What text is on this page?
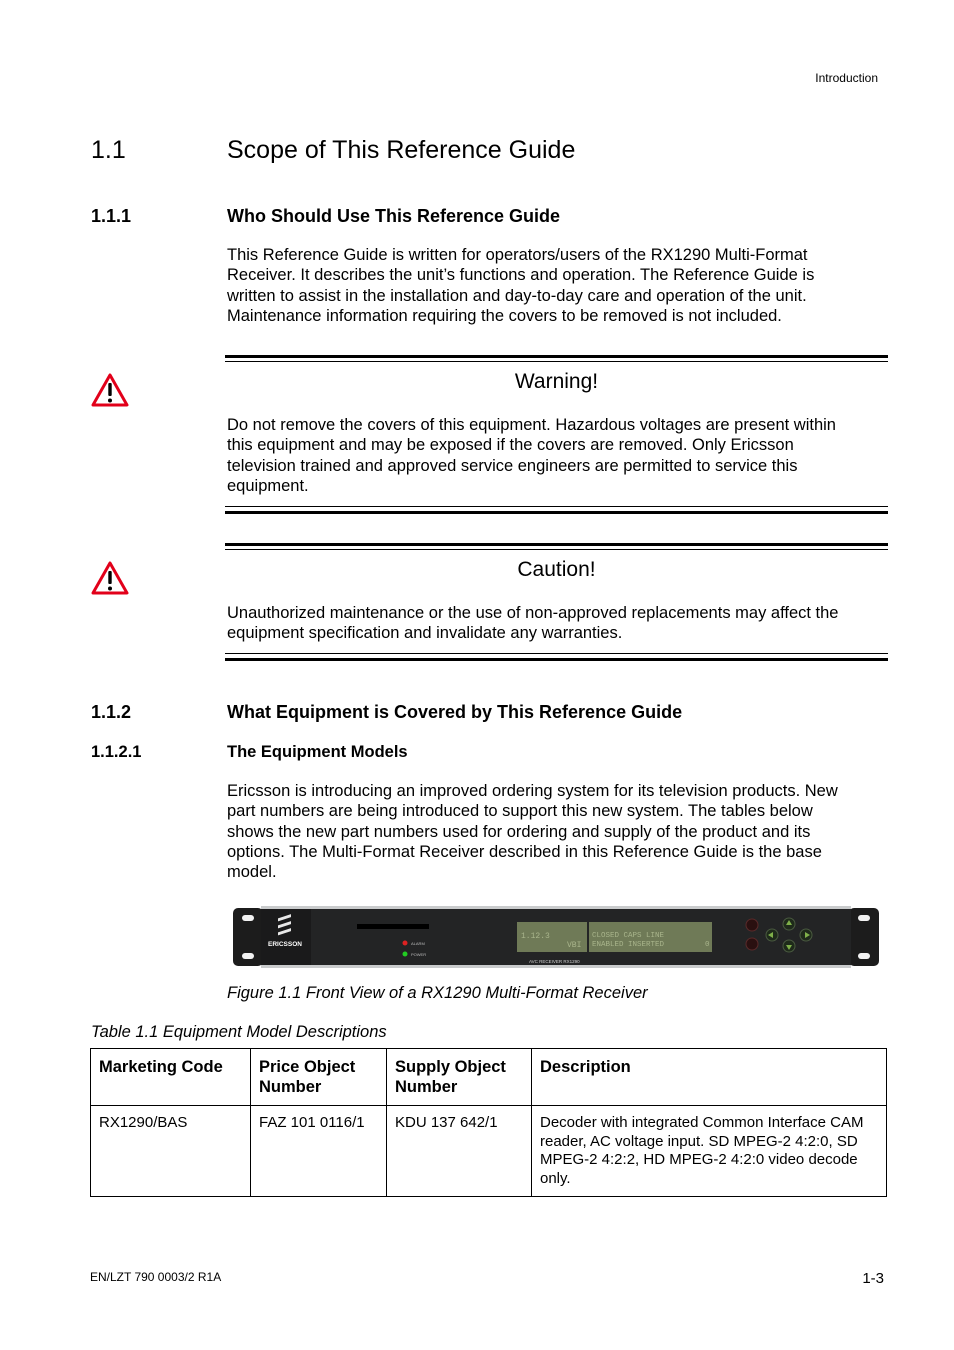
Introduction
1.1	Scope of This Reference Guide
1.1.1	Who Should Use This Reference Guide
This Reference Guide is written for operators/users of the RX1290 Multi-Format
Receiver. It describes the unit’s functions and operation. The Reference Guide is
written to assist in the installation and day-to-day care and operation of the unit.
Maintenance information requiring the covers to be removed is not included.
Warning!
Do not remove the covers of this equipment. Hazardous voltages are present within
this equipment and may be exposed if the covers are removed. Only Ericsson
television trained and approved service engineers are permitted to service this
equipment.
Caution!
Unauthorized maintenance or the use of non-approved replacements may affect the
equipment specification and invalidate any warranties.
1.1.2	What Equipment is Covered by This Reference Guide
1.1.2.1	The Equipment Models
Ericsson is introducing an improved ordering system for its television products. New
part numbers are being introduced to support this new system. The tables below
shows the new part numbers used for ordering and supply of the product and its
options. The Multi-Format Receiver described in this Reference Guide is the base
model.
ERICSSON	ALARM
POWER
1.12.3
VBI
CLOSED CAPS LINE
ENABLED INSERTED	0
AVC RECEIVER RX1290
Figure 1.1 Front View of a RX1290 Multi-Format Receiver
Table 1.1 Equipment Model Descriptions
Marketing Code	Price Object Number	Supply Object Number	Description
RX1290/BAS	FAZ 101 0116/1	KDU 137 642/1	Decoder with integrated Common Interface CAM reader, AC voltage input. SD MPEG-2 4:2:0, SD MPEG-2 4:2:2, HD MPEG-2 4:2:0 video decode only.
EN/LZT 790 0003/2 R1A	1-3
